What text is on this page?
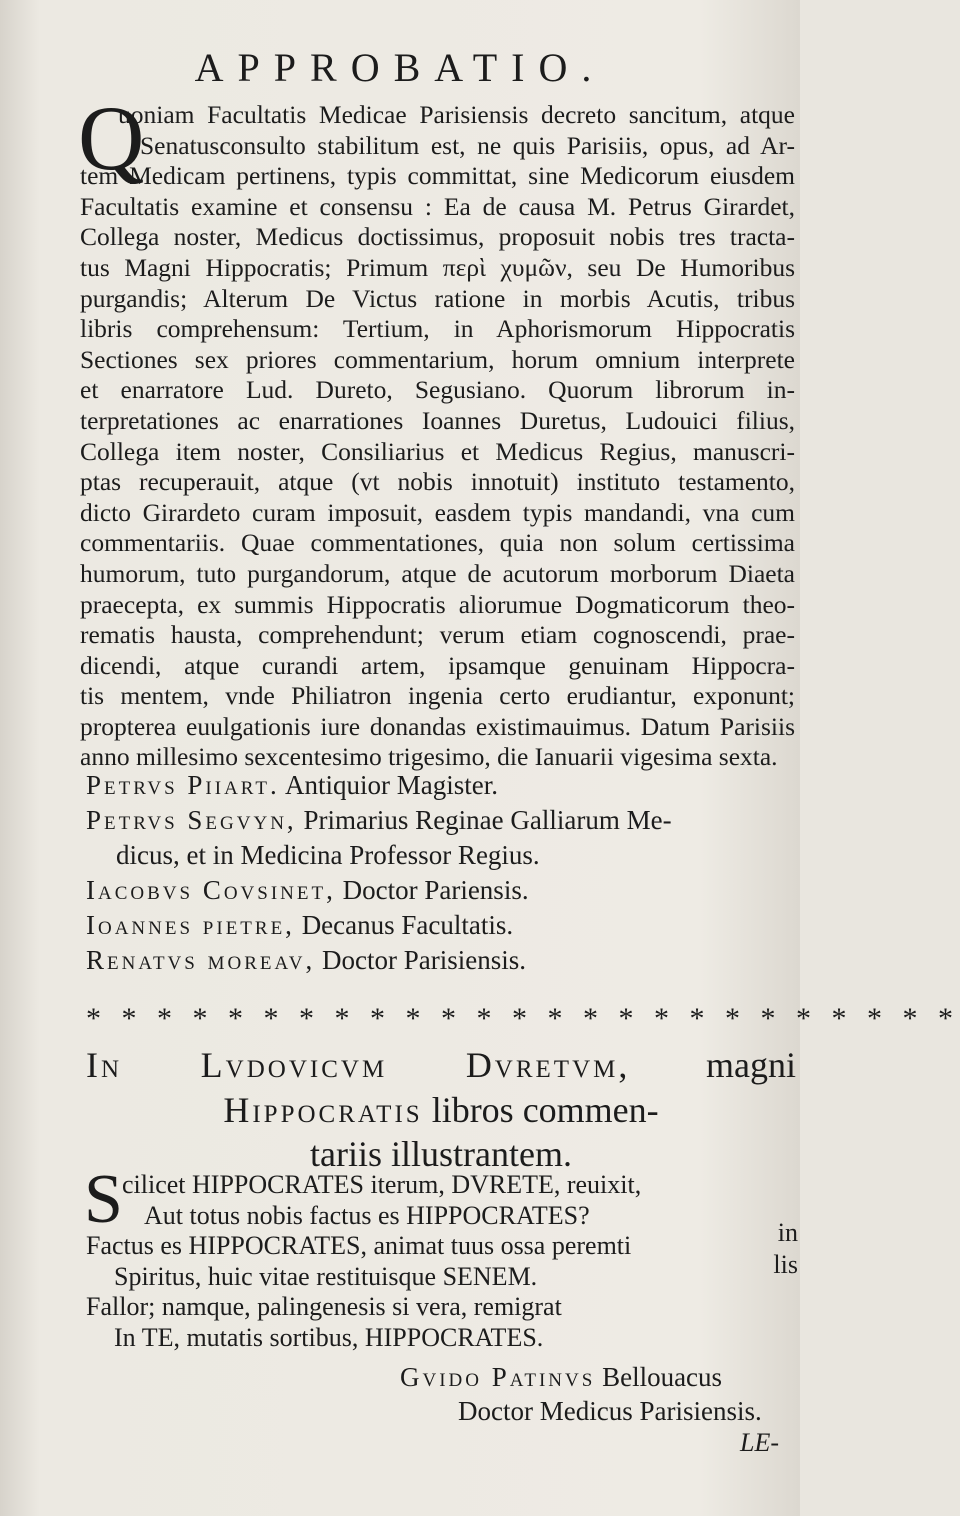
APPROBATIO.
Q
uoniam Facultatis Medicae Parisiensis decreto sancitum, atque
Senatusconsulto stabilitum est, ne quis Parisiis, opus, ad Ar-
tem Medicam pertinens, typis committat, sine Medicorum eiusdem
Facultatis examine et consensu : Ea de causa M. Petrus Girardet,
Collega noster, Medicus doctissimus, proposuit nobis tres tracta-
tus Magni Hippocratis; Primum περὶ χυμῶν, seu De Humoribus
purgandis; Alterum De Victus ratione in morbis Acutis, tribus
libris comprehensum: Tertium, in Aphorismorum Hippocratis
Sectiones sex priores commentarium, horum omnium interprete
et enarratore Lud. Dureto, Segusiano. Quorum librorum in-
terpretationes ac enarrationes Ioannes Duretus, Ludouici filius,
Collega item noster, Consiliarius et Medicus Regius, manuscri-
ptas recuperauit, atque (vt nobis innotuit) instituto testamento,
dicto Girardeto curam imposuit, easdem typis mandandi, vna cum
commentariis. Quae commentationes, quia non solum certissima
humorum, tuto purgandorum, atque de acutorum morborum Diaeta
praecepta, ex summis Hippocratis aliorumue Dogmaticorum theo-
rematis hausta, comprehendunt; verum etiam cognoscendi, prae-
dicendi, atque curandi artem, ipsamque genuinam Hippocra-
tis mentem, vnde Philiatron ingenia certo erudiantur, exponunt;
propterea euulgationis iure donandas existimauimus. Datum Parisiis
anno millesimo sexcentesimo trigesimo, die Ianuarii vigesima sexta.
Petrvs Piiart. Antiquior Magister.
Petrvs Segvyn, Primarius Reginae Galliarum Me-
dicus, et in Medicina Professor Regius.
Iacobvs Covsinet, Doctor Pariensis.
Ioannes pietre, Decanus Facultatis.
Renatvs moreav, Doctor Parisiensis.
* * * * * * * * * * * * * * * * * * * * * * * * *
In Lvdovicvm Dvretvm, magni
Hippocratis libros commen-
tariis illustrantem.
S cilicet HIPPOCRATES iterum, DVRETE, reuixit,
Aut totus nobis factus es HIPPOCRATES?
Factus es HIPPOCRATES, animat tuus ossa peremti
Spiritus, huic vitae restituisque SENEM.
Fallor; namque, palingenesis si vera, remigrat
In TE, mutatis sortibus, HIPPOCRATES.
Gvido Patinvs Bellouacus
Doctor Medicus Parisiensis.
LE-
in
lis
